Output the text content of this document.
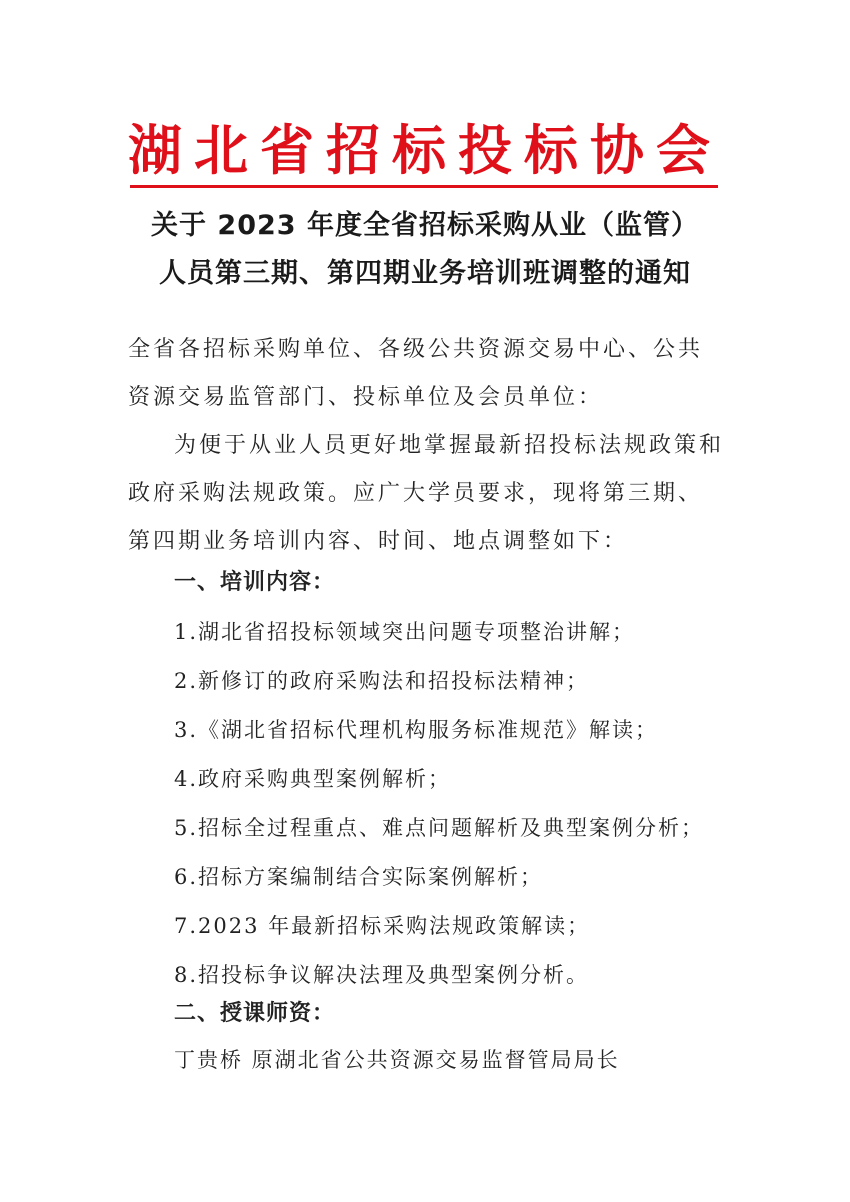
湖北省招标投标协会
关于 2023 年度全省招标采购从业（监管）
人员第三期、第四期业务培训班调整的通知

全省各招标采购单位、各级公共资源交易中心、公共资源交易监管部门、投标单位及会员单位：

为便于从业人员更好地掌握最新招投标法规政策和政府采购法规政策。应广大学员要求，现将第三期、第四期业务培训内容、时间、地点调整如下：

一、培训内容：
1.湖北省招投标领域突出问题专项整治讲解；
2.新修订的政府采购法和招投标法精神；
3.《湖北省招标代理机构服务标准规范》解读；
4.政府采购典型案例解析；
5.招标全过程重点、难点问题解析及典型案例分析；
6.招标方案编制结合实际案例解析；
7.2023 年最新招标采购法规政策解读；
8.招投标争议解决法理及典型案例分析。
二、授课师资：
丁贵桥 原湖北省公共资源交易监督管局局长
